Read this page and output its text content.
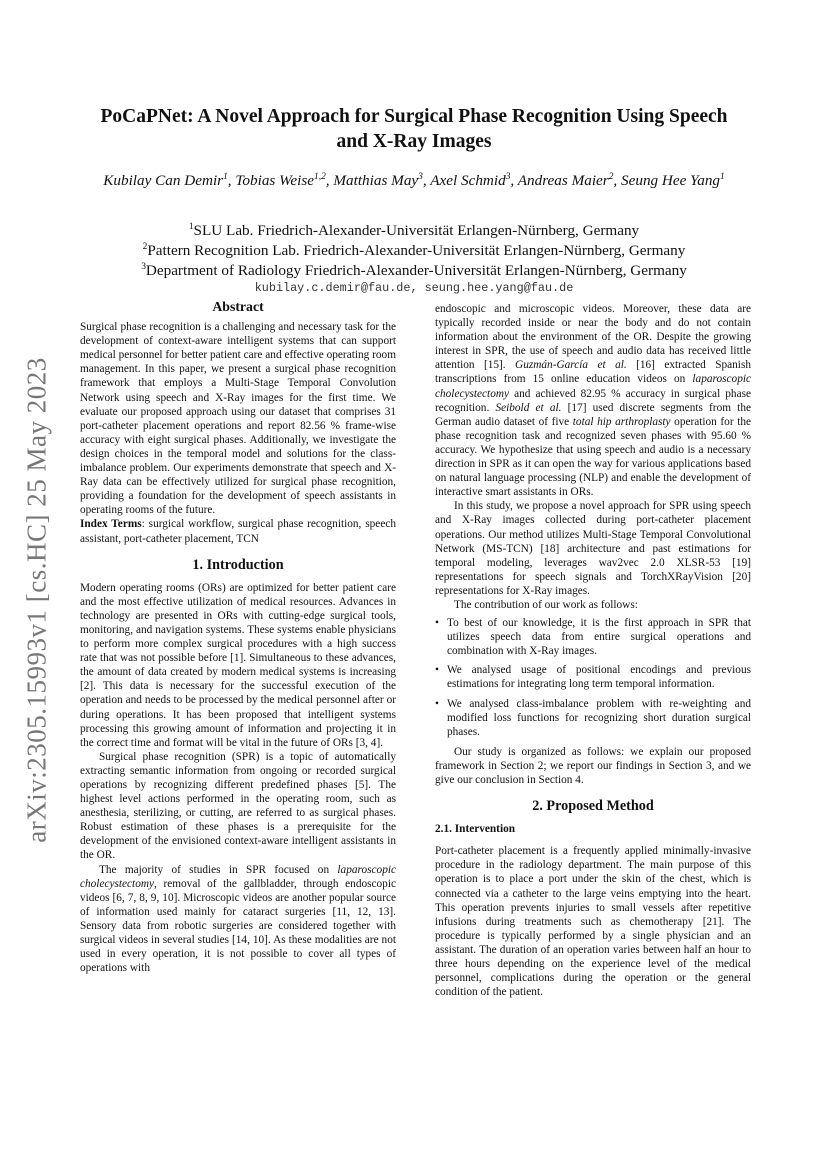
arXiv:2305.15993v1 [cs.HC] 25 May 2023
PoCaPNet: A Novel Approach for Surgical Phase Recognition Using Speech
and X-Ray Images
Kubilay Can Demir$^1$, Tobias Weise$^{1,2}$, Matthias May$^3$, Axel Schmid$^3$, Andreas Maier$^2$, Seung Hee Yang$^1$
$^1$SLU Lab. Friedrich-Alexander-Universität Erlangen-Nürnberg, Germany
$^2$Pattern Recognition Lab. Friedrich-Alexander-Universität Erlangen-Nürnberg, Germany
$^3$Department of Radiology Friedrich-Alexander-Universität Erlangen-Nürnberg, Germany
kubilay.c.demir@fau.de, seung.hee.yang@fau.de
Abstract

Surgical phase recognition is a challenging and necessary task for the development of context-aware intelligent systems that can support medical personnel for better patient care and effective operating room management. In this paper, we present a surgical phase recognition framework that employs a Multi-Stage Temporal Convolution Network using speech and X-Ray images for the first time. We evaluate our proposed approach using our dataset that comprises 31 port-catheter placement operations and report 82.56 % frame-wise accuracy with eight surgical phases. Additionally, we investigate the design choices in the temporal model and solutions for the class-imbalance problem. Our experiments demonstrate that speech and X-Ray data can be effectively utilized for surgical phase recognition, providing a foundation for the development of speech assistants in operating rooms of the future.

Index Terms: surgical workflow, surgical phase recognition, speech assistant, port-catheter placement, TCN

1. Introduction

Modern operating rooms (ORs) are optimized for better patient care and the most effective utilization of medical resources. Advances in technology are presented in ORs with cutting-edge surgical tools, monitoring, and navigation systems. These systems enable physicians to perform more complex surgical procedures with a high success rate that was not possible before [1]. Simultaneous to these advances, the amount of data created by modern medical systems is increasing [2]. This data is necessary for the successful execution of the operation and needs to be processed by the medical personnel after or during operations. It has been proposed that intelligent systems processing this growing amount of information and projecting it in the correct time and format will be vital in the future of ORs [3, 4].

Surgical phase recognition (SPR) is a topic of automatically extracting semantic information from ongoing or recorded surgical operations by recognizing different predefined phases [5]. The highest level actions performed in the operating room, such as anesthesia, sterilizing, or cutting, are referred to as surgical phases. Robust estimation of these phases is a prerequisite for the development of the envisioned context-aware intelligent assistants in the OR.

The majority of studies in SPR focused on laparoscopic cholecystectomy, removal of the gallbladder, through endoscopic videos [6, 7, 8, 9, 10]. Microscopic videos are another popular source of information used mainly for cataract surgeries [11, 12, 13]. Sensory data from robotic surgeries are considered together with surgical videos in several studies [14, 10]. As these modalities are not used in every operation, it is not possible to cover all types of operations with

endoscopic and microscopic videos. Moreover, these data are typically recorded inside or near the body and do not contain information about the environment of the OR. Despite the growing interest in SPR, the use of speech and audio data has received little attention [15]. Guzmán-García et al. [16] extracted Spanish transcriptions from 15 online education videos on laparoscopic cholecystectomy and achieved 82.95 % accuracy in surgical phase recognition. Seibold et al. [17] used discrete segments from the German audio dataset of five total hip arthroplasty operation for the phase recognition task and recognized seven phases with 95.60 % accuracy. We hypothesize that using speech and audio is a necessary direction in SPR as it can open the way for various applications based on natural language processing (NLP) and enable the development of interactive smart assistants in ORs.

In this study, we propose a novel approach for SPR using speech and X-Ray images collected during port-catheter placement operations. Our method utilizes Multi-Stage Temporal Convolutional Network (MS-TCN) [18] architecture and past estimations for temporal modeling, leverages wav2vec 2.0 XLSR-53 [19] representations for speech signals and TorchXRayVision [20] representations for X-Ray images.

The contribution of our work as follows:

• To best of our knowledge, it is the first approach in SPR that utilizes speech data from entire surgical operations and combination with X-Ray images.
• We analysed usage of positional encodings and previous estimations for integrating long term temporal information.
• We analysed class-imbalance problem with re-weighting and modified loss functions for recognizing short duration surgical phases.

Our study is organized as follows: we explain our proposed framework in Section 2; we report our findings in Section 3, and we give our conclusion in Section 4.

2. Proposed Method
2.1. Intervention

Port-catheter placement is a frequently applied minimally-invasive procedure in the radiology department. The main purpose of this operation is to place a port under the skin of the chest, which is connected via a catheter to the large veins emptying into the heart. This operation prevents injuries to small vessels after repetitive infusions during treatments such as chemotherapy [21]. The procedure is typically performed by a single physician and an assistant. The duration of an operation varies between half an hour to three hours depending on the experience level of the medical personnel, complications during the operation or the general condition of the patient.
